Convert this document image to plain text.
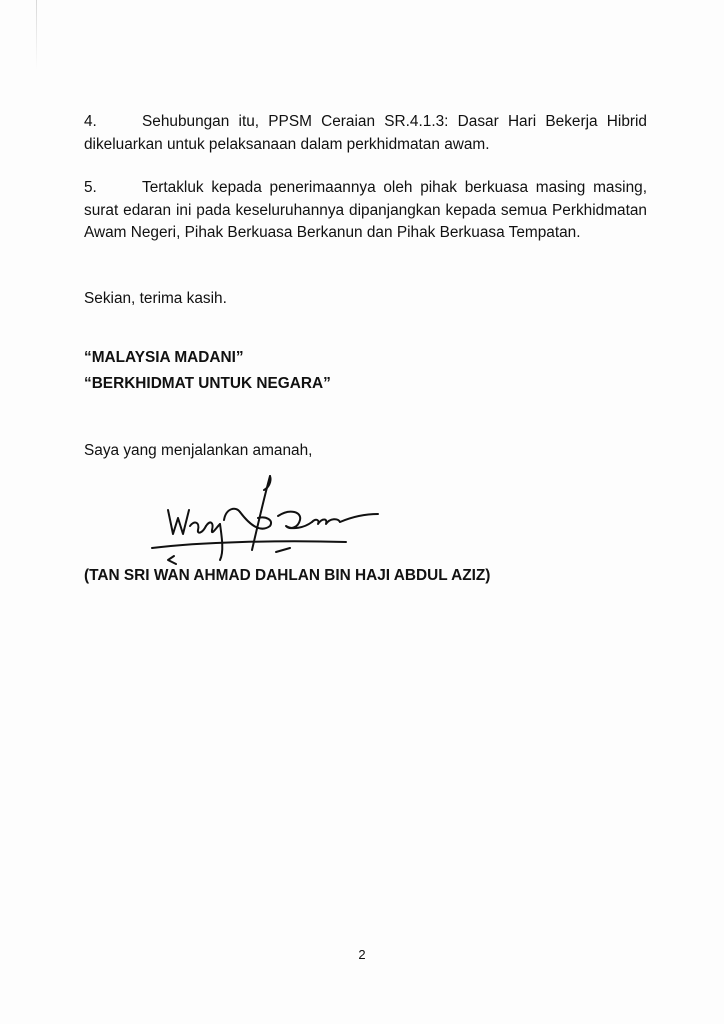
4.	Sehubungan itu, PPSM Ceraian SR.4.1.3: Dasar Hari Bekerja Hibrid dikeluarkan untuk pelaksanaan dalam perkhidmatan awam.

5.	Tertakluk kepada penerimaannya oleh pihak berkuasa masing masing, surat edaran ini pada keseluruhannya dipanjangkan kepada semua Perkhidmatan Awam Negeri, Pihak Berkuasa Berkanun dan Pihak Berkuasa Tempatan.

Sekian, terima kasih.

“MALAYSIA MADANI”

“BERKHIDMAT UNTUK NEGARA”

Saya yang menjalankan amanah,

(TAN SRI WAN AHMAD DAHLAN BIN HAJI ABDUL AZIZ)

2
